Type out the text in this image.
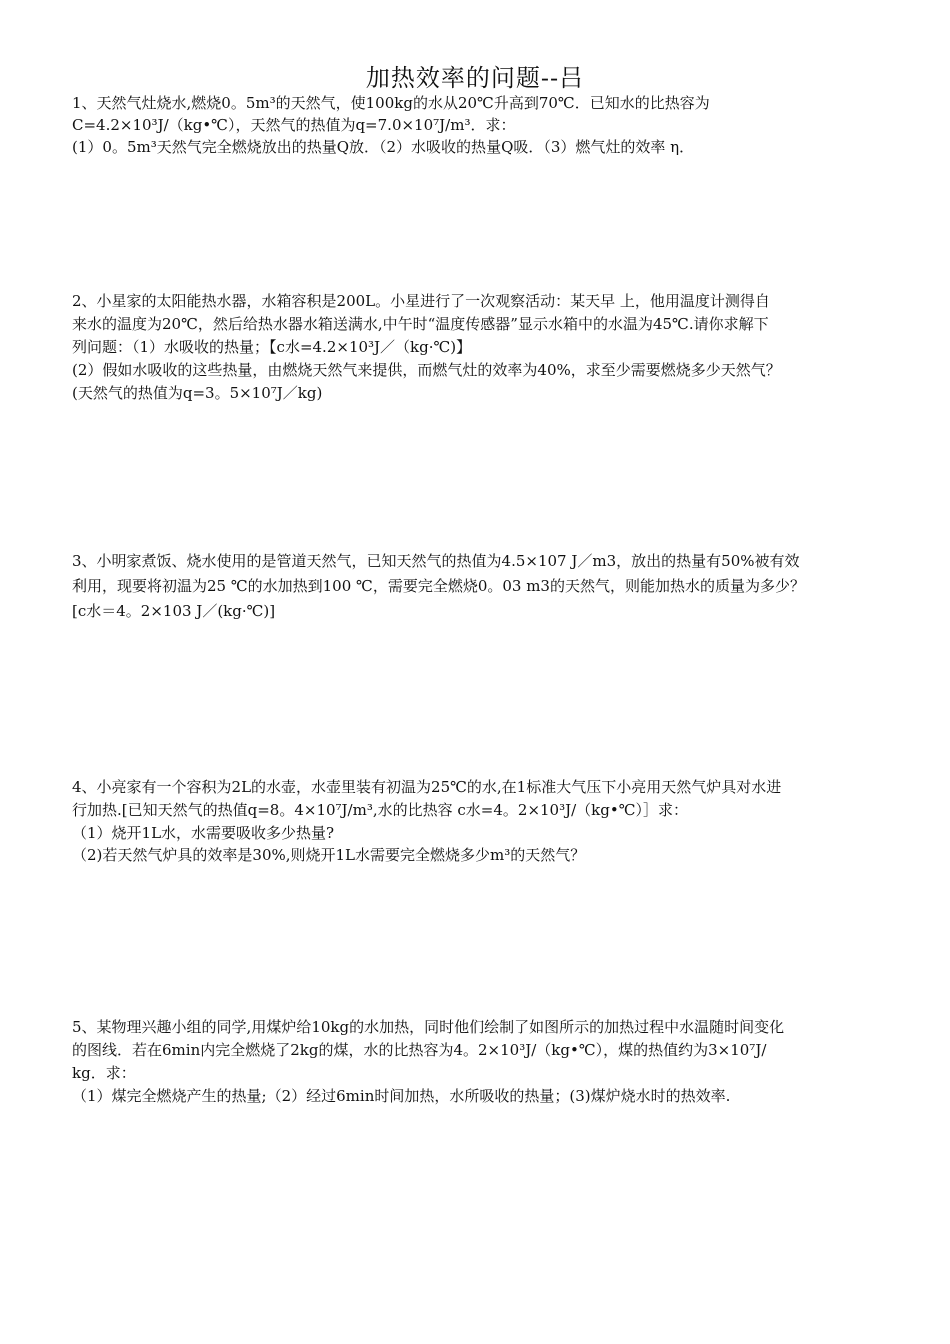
加热效率的问题--吕
1、天然气灶烧水,燃烧0。5m³的天然气，使100kg的水从20℃升高到70℃．已知水的比热容为
C=4.2×10³J/（kg•℃），天然气的热值为q=7.0×10⁷J/m³．求：
(1）0。5m³天然气完全燃烧放出的热量Q放．（2）水吸收的热量Q吸．（3）燃气灶的效率 η．
2、小星家的太阳能热水器，水箱容积是200L。小星进行了一次观察活动：某天早 上，他用温度计测得自
来水的温度为20℃，然后给热水器水箱送满水,中午时“温度传感器”显示水箱中的水温为45℃.请你求解下
列问题：（1）水吸收的热量；【c水=4.2×10³J／（kg·℃)】
(2）假如水吸收的这些热量，由燃烧天然气来提供，而燃气灶的效率为40%，求至少需要燃烧多少天然气？
(天然气的热值为q=3。5×10⁷J／kg)
3、小明家煮饭、烧水使用的是管道天然气，已知天然气的热值为4.5×107 J／m3，放出的热量有50%被有效
利用，现要将初温为25 ℃的水加热到100 ℃，需要完全燃烧0。03 m3的天然气，则能加热水的质量为多少？
[c水＝4。2×103 J／(kg·℃)]
4、小亮家有一个容积为2L的水壶，水壶里装有初温为25℃的水,在1标准大气压下小亮用天然气炉具对水进
行加热.[已知天然气的热值q=8。4×10⁷J/m³,水的比热容 c水=4。2×10³J/（kg•℃）］求：
（1）烧开1L水，水需要吸收多少热量?
（2)若天然气炉具的效率是30%,则烧开1L水需要完全燃烧多少m³的天然气？
5、某物理兴趣小组的同学,用煤炉给10kg的水加热，同时他们绘制了如图所示的加热过程中水温随时间变化
的图线．若在6min内完全燃烧了2kg的煤，水的比热容为4。2×10³J/（kg•℃），煤的热值约为3×10⁷J/
kg．求：
（1）煤完全燃烧产生的热量;（2）经过6min时间加热，水所吸收的热量；(3)煤炉烧水时的热效率.
